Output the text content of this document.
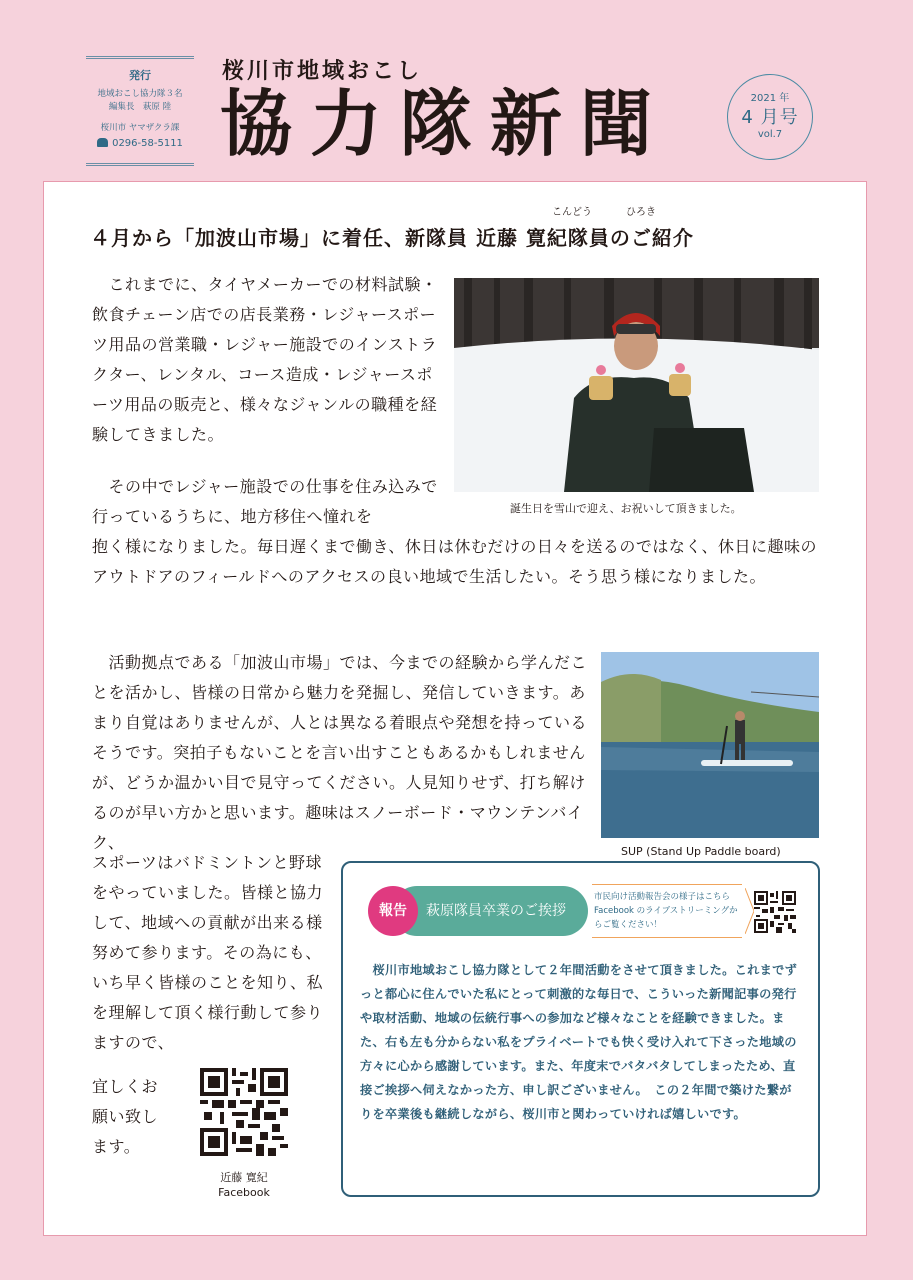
発行
地域おこし協力隊３名
編集長　萩原 陸
桜川市 ヤマザクラ課
0296-58-5111
桜川市地域おこし
協力隊新聞	2021 年
4 月号
vol.7
こんどう	ひろき
４月から「加波山市場」に着任、新隊員 近藤 寛紀隊員のご紹介
　これまでに、タイヤメーカーでの材料試験・飲食チェーン店での店長業務・レジャースポーツ用品の営業職・レジャー施設でのインストラクター、レンタル、コース造成・レジャースポーツ用品の販売と、様々なジャンルの職種を経験してきました。
　その中でレジャー施設での仕事を住み込みで行っているうちに、地方移住へ憧れを
抱く様になりました。毎日遅くまで働き、休日は休むだけの日々を送るのではなく、休日に趣味のアウトドアのフィールドへのアクセスの良い地域で生活したい。そう思う様になりました。
誕生日を雪山で迎え、お祝いして頂きました。
　活動拠点である「加波山市場」では、今までの経験から学んだことを活かし、皆様の日常から魅力を発掘し、発信していきます。あまり自覚はありませんが、人とは異なる着眼点や発想を持っているそうです。突拍子もないことを言い出すこともあるかもしれませんが、どうか温かい目で見守ってください。人見知りせず、打ち解けるのが早い方かと思います。趣味はスノーボード・マウンテンバイク、	SUP (Stand Up Paddle board)
スポーツはバドミントンと野球をやっていました。皆様と協力して、地域への貢献が出来る様努めて参ります。その為にも、いち早く皆様のことを知り、私を理解して頂く様行動して参りますので、
宜しくお願い致します。
近藤 寛紀
Facebook
萩原隊員卒業のご挨拶
報告
市民向け活動報告会の様子はこちら Facebook のライブストリーミングからご覧ください！
　桜川市地域おこし協力隊として２年間活動をさせて頂きました。これまでずっと都心に住んでいた私にとって刺激的な毎日で、こういった新聞記事の発行や取材活動、地域の伝統行事への参加など様々なことを経験できました。また、右も左も分からない私をプライベートでも快く受け入れて下さった地域の方々に心から感謝しています。また、年度末でバタバタしてしまったため、直接ご挨拶へ伺えなかった方、申し訳ございません。　この２年間で築けた繋がりを卒業後も継続しながら、桜川市と関わっていければ嬉しいです。
